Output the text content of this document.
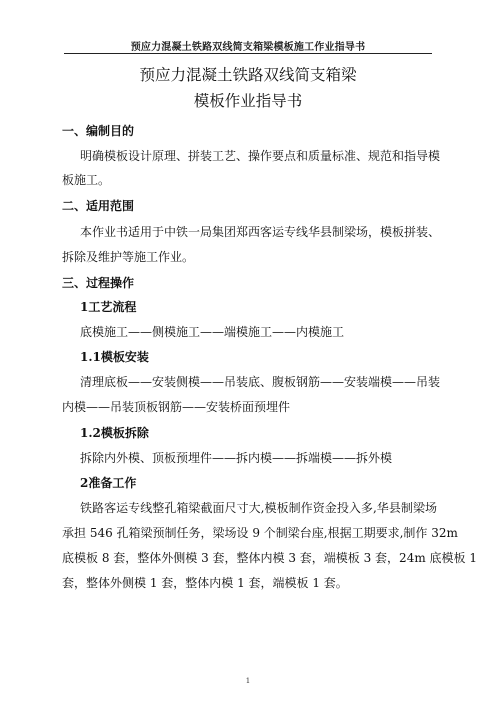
预应力混凝土铁路双线简支箱梁模板施工作业指导书
预应力混凝土铁路双线简支箱梁
模板作业指导书
一、编制目的
明确模板设计原理、拼装工艺、操作要点和质量标准、规范和指导模
板施工。
二、适用范围
本作业书适用于中铁一局集团郑西客运专线华县制梁场，模板拼装、
拆除及维护等施工作业。
三、过程操作
1工艺流程
底模施工——侧模施工——端模施工——内模施工
1.1模板安装
清理底板——安装侧模——吊装底、腹板钢筋——安装端模——吊装
内模——吊装顶板钢筋——安装桥面预埋件
1.2模板拆除
拆除内外模、顶板预埋件——拆内模——拆端模——拆外模
2准备工作
铁路客运专线整孔箱梁截面尺寸大,模板制作资金投入多,华县制梁场
承担 546 孔箱梁预制任务，梁场设 9 个制梁台座,根据工期要求,制作 32m
底模板 8 套，整体外侧模 3 套，整体内模 3 套，端模板 3 套，24m 底模板 1
套，整体外侧模 1 套，整体内模 1 套，端模板 1 套。
1
